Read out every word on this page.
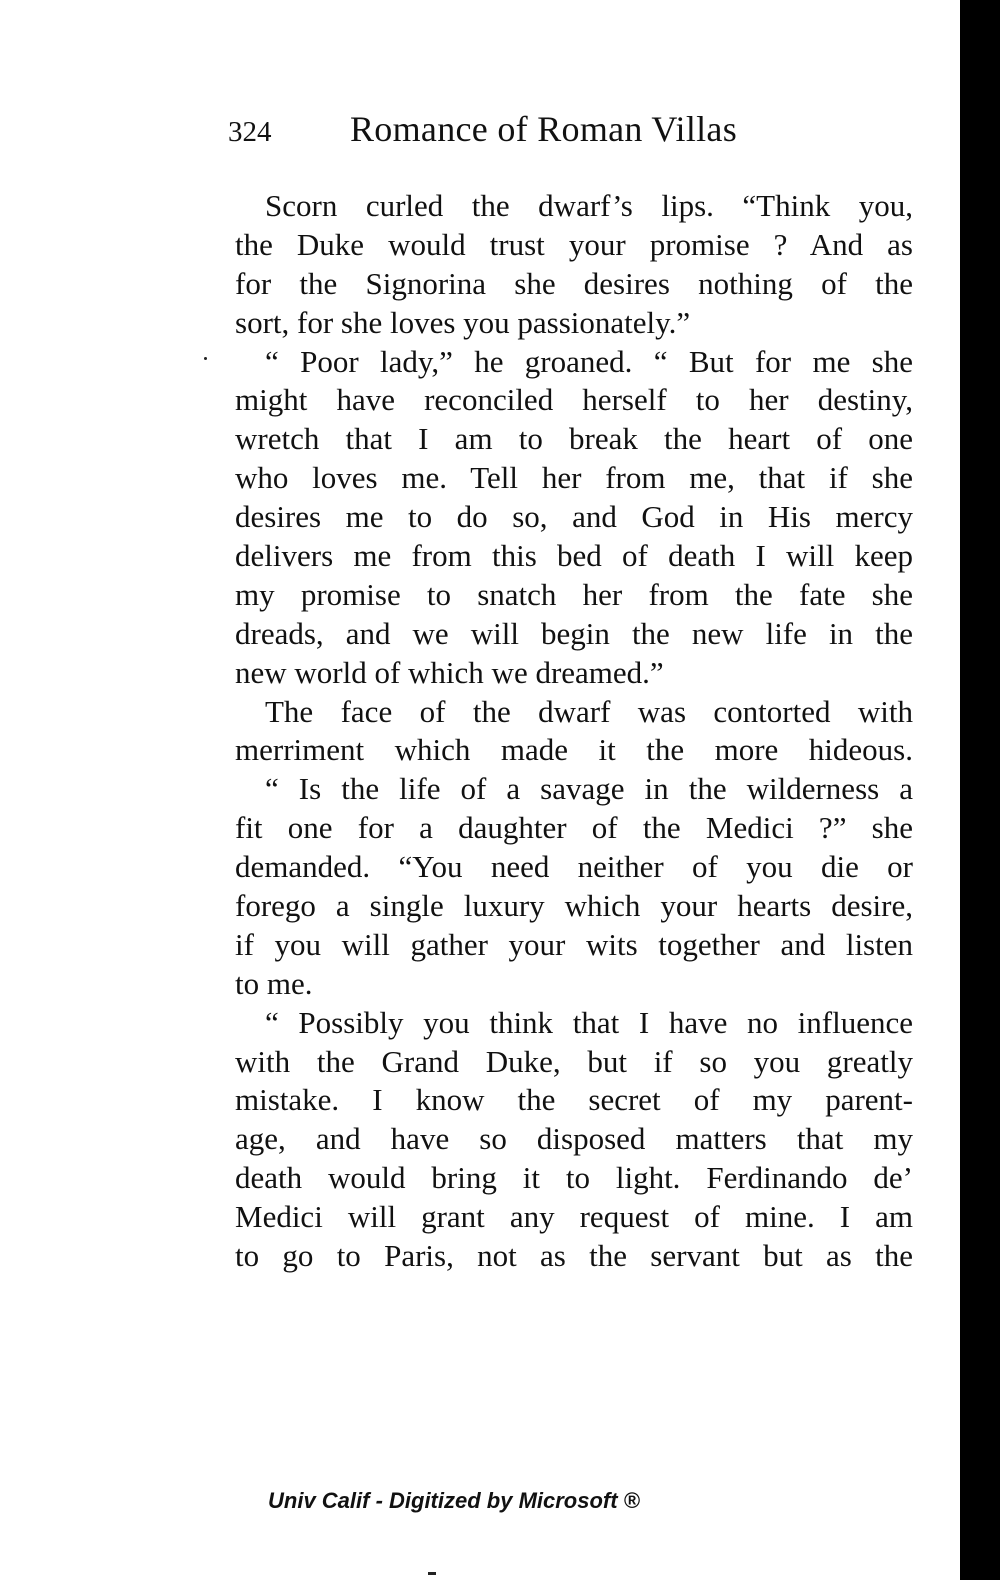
324 Romance of Roman Villas
Scorn curled the dwarf’s lips. “Think you,
the Duke would trust your promise ? And as
for the Signorina she desires nothing of the
sort, for she loves you passionately.”
“ Poor lady,” he groaned. “ But for me she
might have reconciled herself to her destiny,
wretch that I am to break the heart of one
who loves me. Tell her from me, that if she
desires me to do so, and God in His mercy
delivers me from this bed of death I will keep
my promise to snatch her from the fate she
dreads, and we will begin the new life in the
new world of which we dreamed.”
The face of the dwarf was contorted with
merriment which made it the more hideous.
“ Is the life of a savage in the wilderness a
fit one for a daughter of the Medici ?” she
demanded. “You need neither of you die or
forego a single luxury which your hearts desire,
if you will gather your wits together and listen
to me.
“ Possibly you think that I have no influence
with the Grand Duke, but if so you greatly
mistake. I know the secret of my parent-
age, and have so disposed matters that my
death would bring it to light. Ferdinando de’
Medici will grant any request of mine. I am
to go to Paris, not as the servant but as the
Univ Calif - Digitized by Microsoft ®
